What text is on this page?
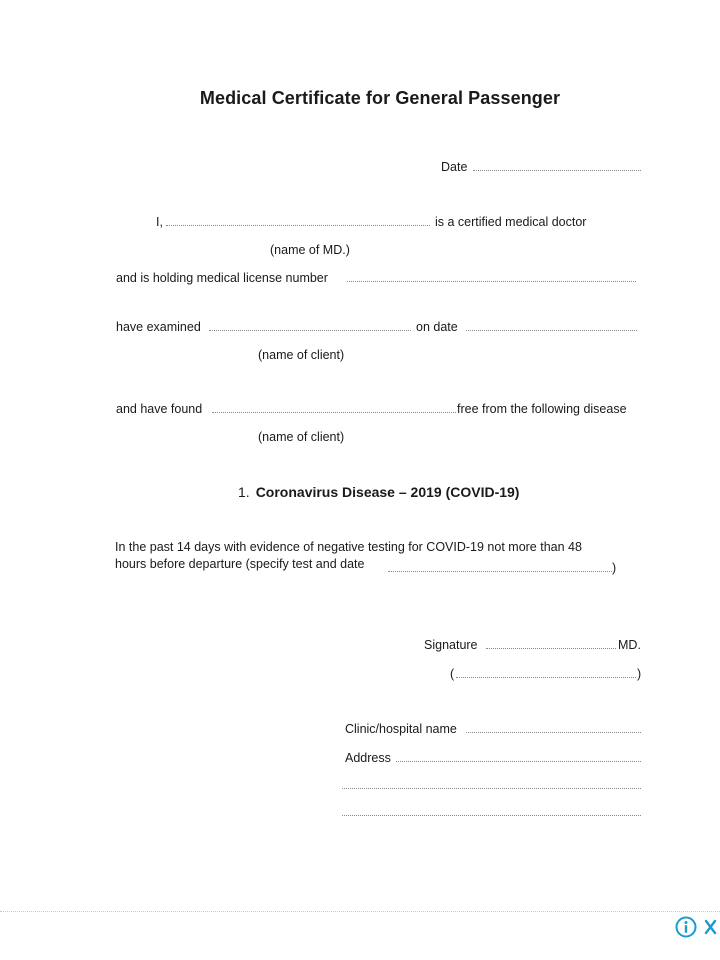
Medical Certificate for General Passenger
Date
I,	is a certified medical doctor
(name of MD.)
and is holding medical license number
have examined	on date
(name of client)
and have found	free from the following disease
(name of client)
1. Coronavirus Disease – 2019 (COVID-19)
In the past 14 days with evidence of negative testing for COVID-19 not more than 48
hours before departure (specify test and date	)
Signature	MD.
(	)
Clinic/hospital name
Address
